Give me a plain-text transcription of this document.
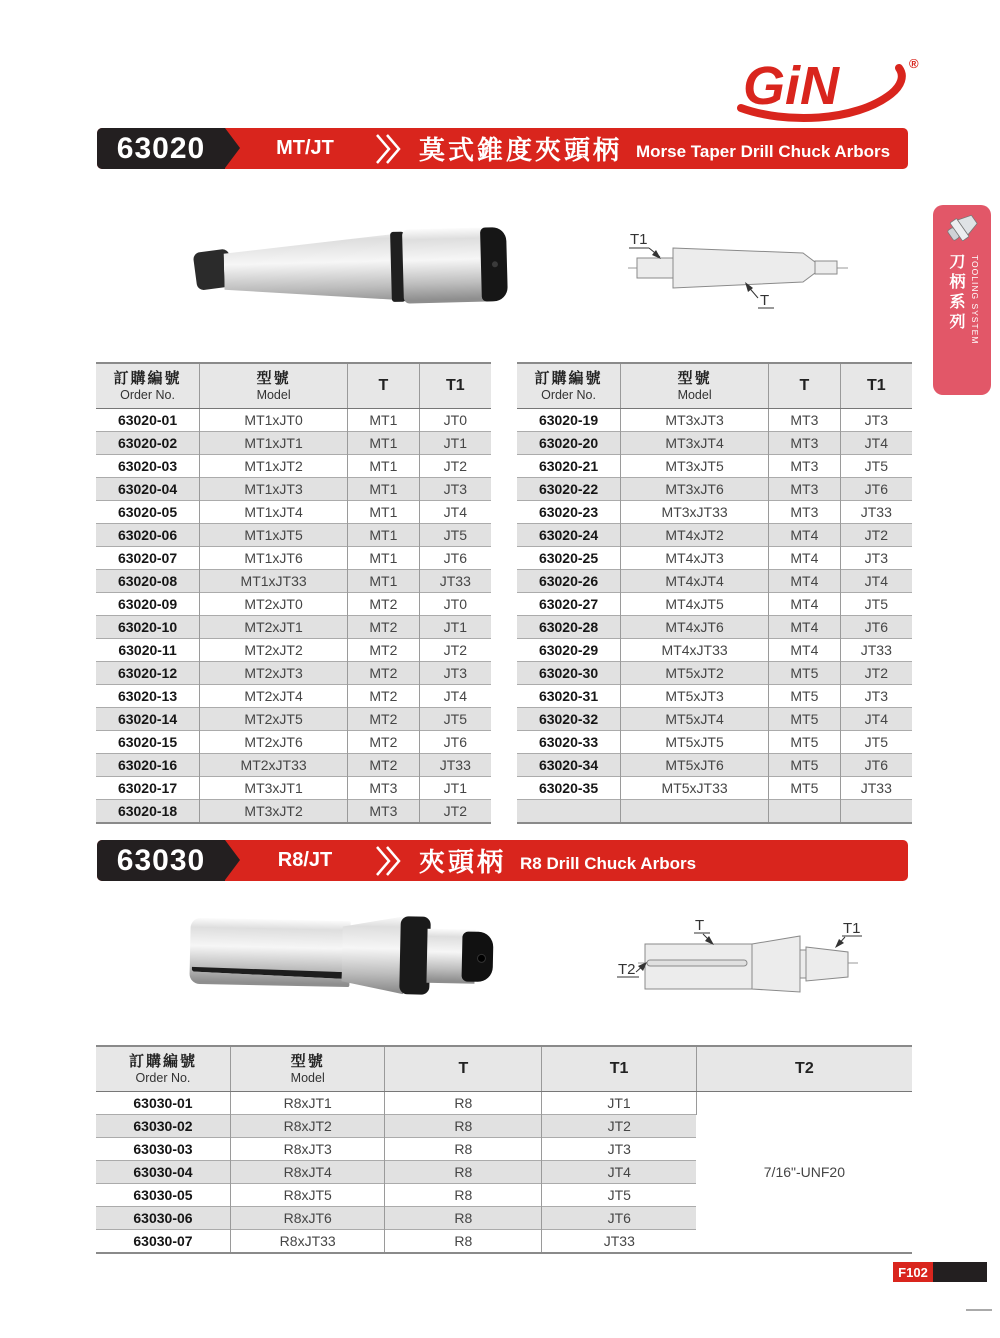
GiN	®
63020	MT/JT	莫式錐度夾頭柄 Morse Taper Drill Chuck Arbors
T1
T	刀柄系列 TOOLING SYSTEM
訂購編號
Order No.

型號
Model

T	T1

63020-01	MT1xJT0	MT1	JT0
63020-02	MT1xJT1	MT1	JT1
63020-03	MT1xJT2	MT1	JT2
63020-04	MT1xJT3	MT1	JT3
63020-05	MT1xJT4	MT1	JT4
63020-06	MT1xJT5	MT1	JT5
63020-07	MT1xJT6	MT1	JT6
63020-08	MT1xJT33	MT1	JT33
63020-09	MT2xJT0	MT2	JT0
63020-10	MT2xJT1	MT2	JT1
63020-11	MT2xJT2	MT2	JT2
63020-12	MT2xJT3	MT2	JT3
63020-13	MT2xJT4	MT2	JT4
63020-14	MT2xJT5	MT2	JT5
63020-15	MT2xJT6	MT2	JT6
63020-16	MT2xJT33	MT2	JT33
63020-17	MT3xJT1	MT3	JT1
63020-18	MT3xJT2	MT3	JT2
訂購編號
Order No.

型號
Model

T	T1

63020-19	MT3xJT3	MT3	JT3
63020-20	MT3xJT4	MT3	JT4
63020-21	MT3xJT5	MT3	JT5
63020-22	MT3xJT6	MT3	JT6
63020-23	MT3xJT33	MT3	JT33
63020-24	MT4xJT2	MT4	JT2
63020-25	MT4xJT3	MT4	JT3
63020-26	MT4xJT4	MT4	JT4
63020-27	MT4xJT5	MT4	JT5
63020-28	MT4xJT6	MT4	JT6
63020-29	MT4xJT33	MT4	JT33
63020-30	MT5xJT2	MT5	JT2
63020-31	MT5xJT3	MT5	JT3
63020-32	MT5xJT4	MT5	JT4
63020-33	MT5xJT5	MT5	JT5
63020-34	MT5xJT6	MT5	JT6
63020-35	MT5xJT33	MT5	JT33

63030	R8/JT	夾頭柄 R8 Drill Chuck Arbors
T	T1
T2
訂購編號
Order No.

型號
Model

T	T1	T2

63030-01	R8xJT1	R8	JT1	7/16"-UNF20
63030-02	R8xJT2	R8	JT2	
63030-03	R8xJT3	R8	JT3	
63030-04	R8xJT4	R8	JT4	
63030-05	R8xJT5	R8	JT5	
63030-06	R8xJT6	R8	JT6	
63030-07	R8xJT33	R8	JT33	
F102
